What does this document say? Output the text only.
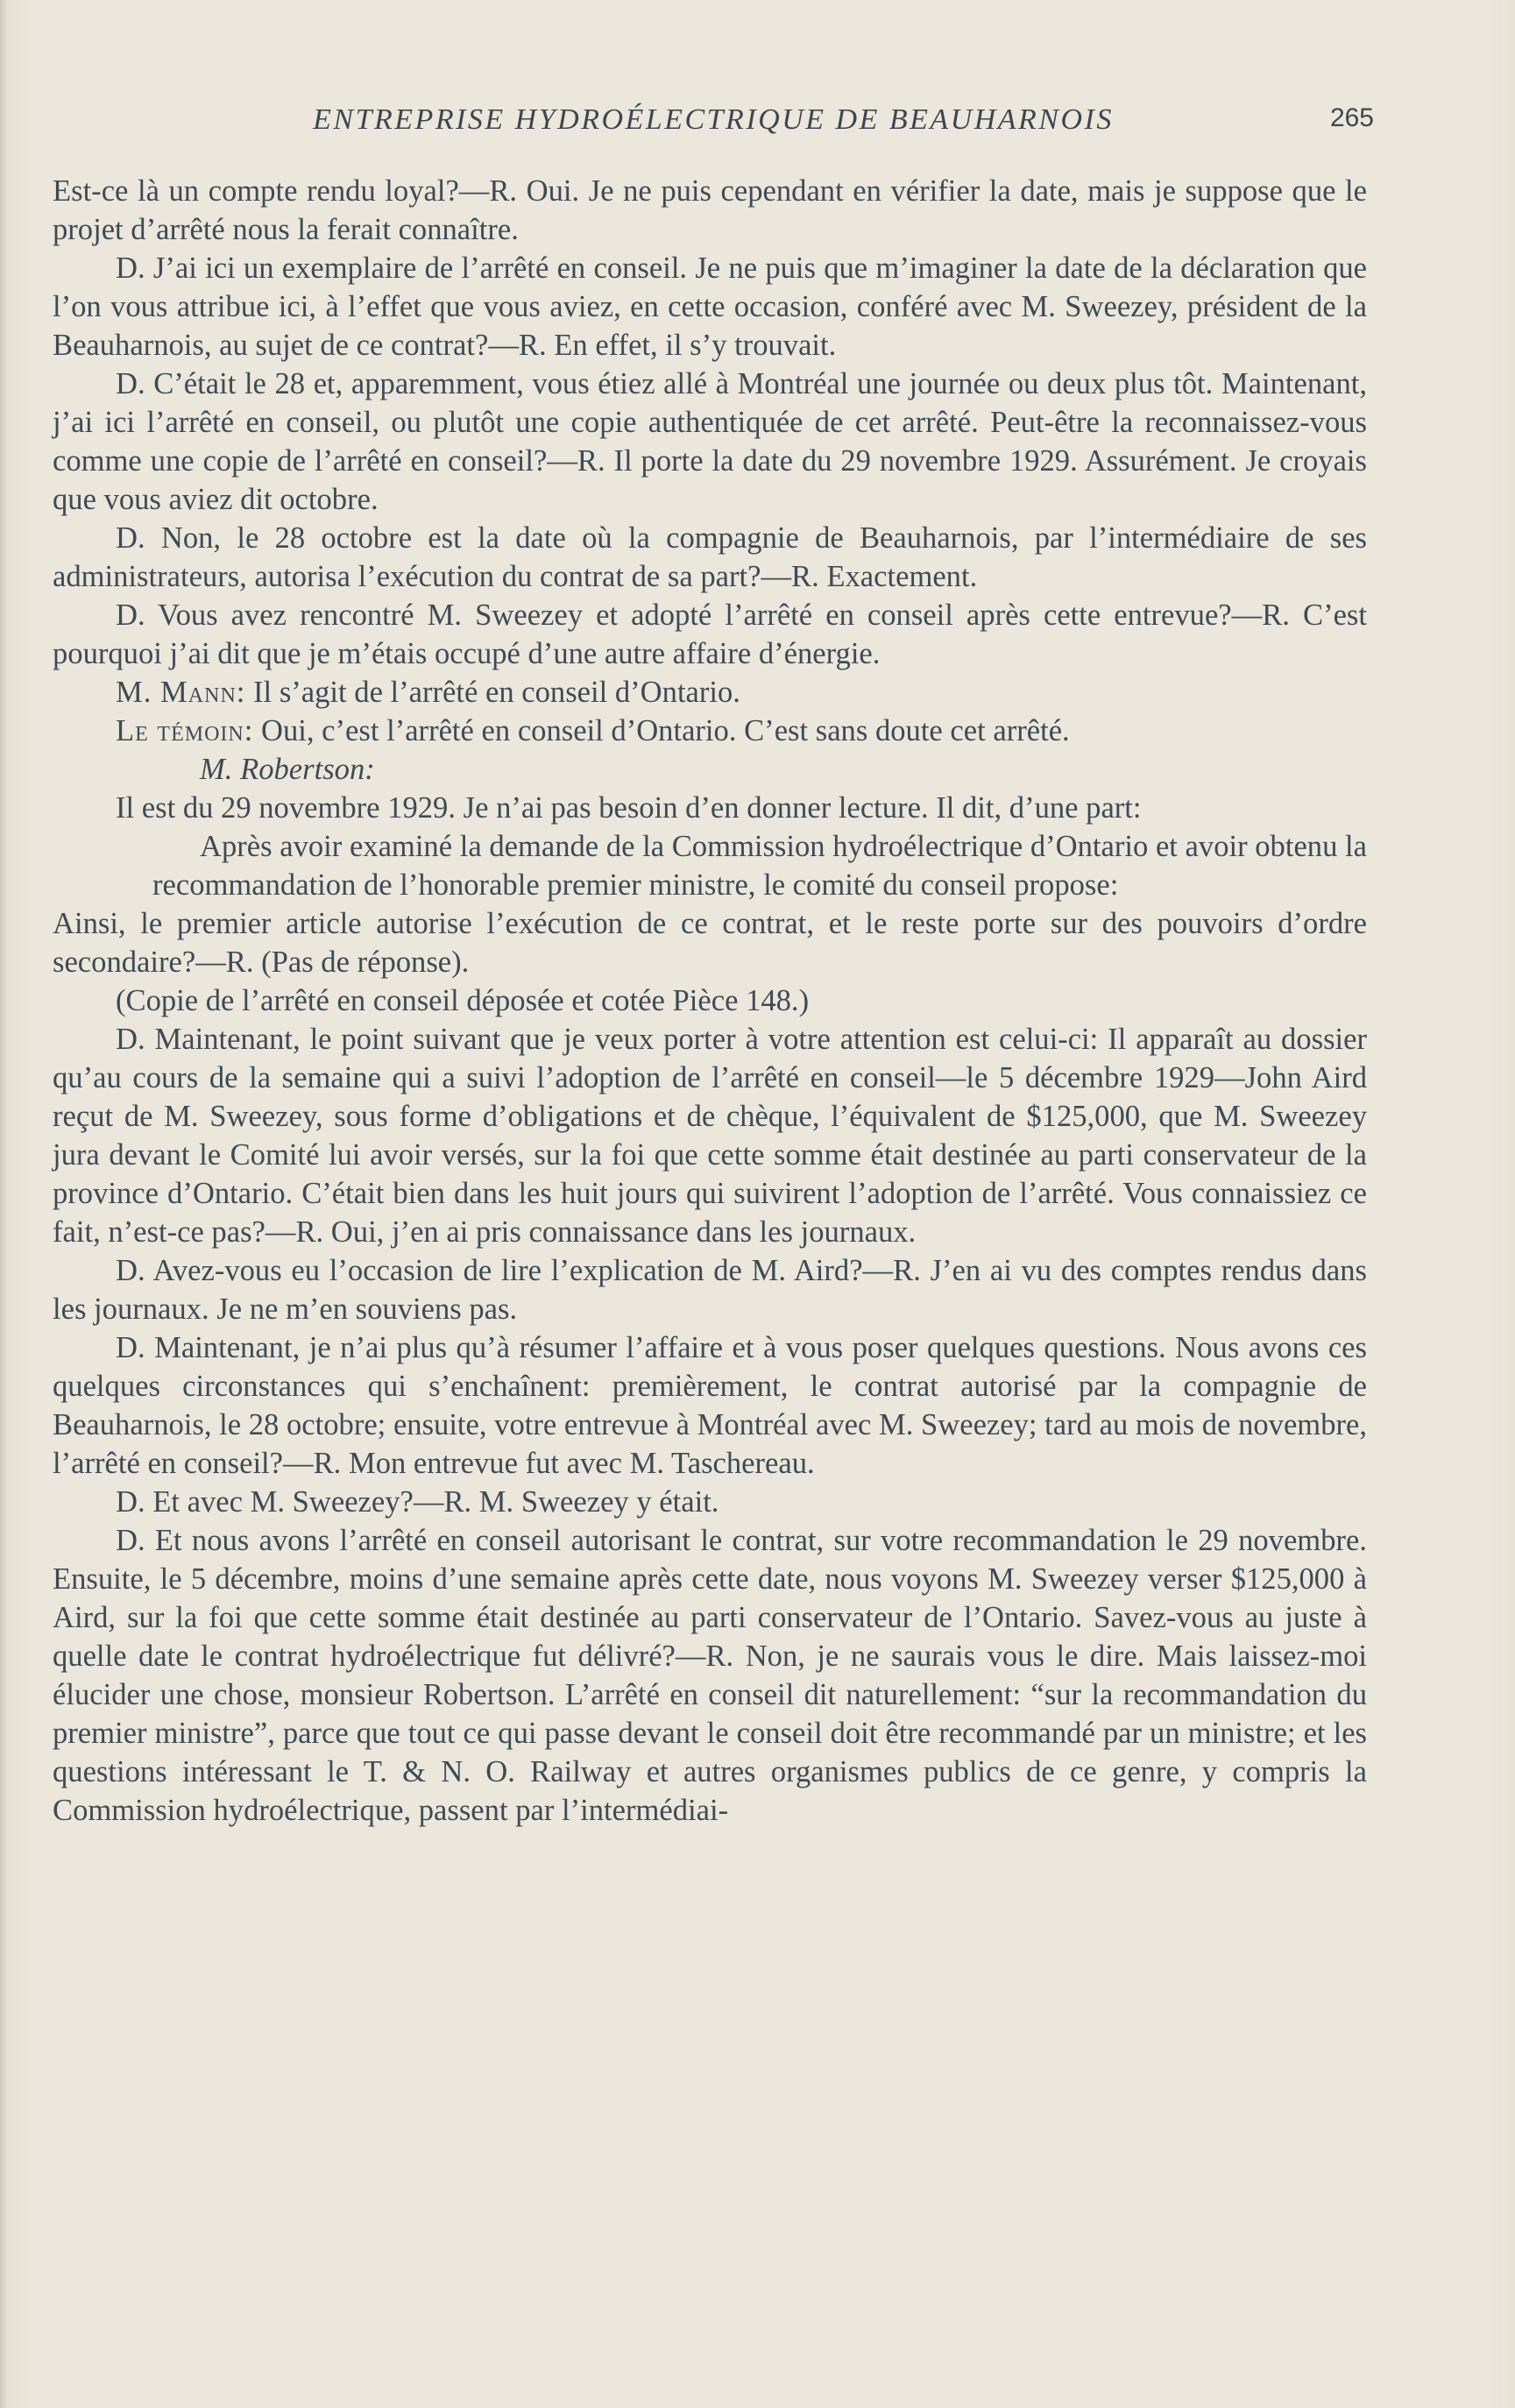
ENTREPRISE HYDROÉLECTRIQUE DE BEAUHARNOIS	265

Est-ce là un compte rendu loyal?—R. Oui. Je ne puis cependant en vérifier la date, mais je suppose que le projet d’arrêté nous la ferait connaître.

D. J’ai ici un exemplaire de l’arrêté en conseil. Je ne puis que m’imaginer la date de la déclaration que l’on vous attribue ici, à l’effet que vous aviez, en cette occasion, conféré avec M. Sweezey, président de la Beauharnois, au sujet de ce contrat?—R. En effet, il s’y trouvait.

D. C’était le 28 et, apparemment, vous étiez allé à Montréal une journée ou deux plus tôt. Maintenant, j’ai ici l’arrêté en conseil, ou plutôt une copie authentiquée de cet arrêté. Peut-être la reconnaissez-vous comme une copie de l’arrêté en conseil?—R. Il porte la date du 29 novembre 1929. Assurément. Je croyais que vous aviez dit octobre.

D. Non, le 28 octobre est la date où la compagnie de Beauharnois, par l’intermédiaire de ses administrateurs, autorisa l’exécution du contrat de sa part?—R. Exactement.

D. Vous avez rencontré M. Sweezey et adopté l’arrêté en conseil après cette entrevue?—R. C’est pourquoi j’ai dit que je m’étais occupé d’une autre affaire d’énergie.

M. Mann: Il s’agit de l’arrêté en conseil d’Ontario.

Le témoin: Oui, c’est l’arrêté en conseil d’Ontario. C’est sans doute cet arrêté.

M. Robertson:

Il est du 29 novembre 1929. Je n’ai pas besoin d’en donner lecture. Il dit, d’une part:

Après avoir examiné la demande de la Commission hydroélectrique d’Ontario et avoir obtenu la recommandation de l’honorable premier ministre, le comité du conseil propose:

Ainsi, le premier article autorise l’exécution de ce contrat, et le reste porte sur des pouvoirs d’ordre secondaire?—R. (Pas de réponse).

(Copie de l’arrêté en conseil déposée et cotée Pièce 148.)

D. Maintenant, le point suivant que je veux porter à votre attention est celui-ci: Il apparaît au dossier qu’au cours de la semaine qui a suivi l’adoption de l’arrêté en conseil—le 5 décembre 1929—John Aird reçut de M. Sweezey, sous forme d’obligations et de chèque, l’équivalent de $125,000, que M. Sweezey jura devant le Comité lui avoir versés, sur la foi que cette somme était destinée au parti conservateur de la province d’Ontario. C’était bien dans les huit jours qui suivirent l’adoption de l’arrêté. Vous connaissiez ce fait, n’est-ce pas?—R. Oui, j’en ai pris connaissance dans les journaux.

D. Avez-vous eu l’occasion de lire l’explication de M. Aird?—R. J’en ai vu des comptes rendus dans les journaux. Je ne m’en souviens pas.

D. Maintenant, je n’ai plus qu’à résumer l’affaire et à vous poser quelques questions. Nous avons ces quelques circonstances qui s’enchaînent: premièrement, le contrat autorisé par la compagnie de Beauharnois, le 28 octobre; ensuite, votre entrevue à Montréal avec M. Sweezey; tard au mois de novembre, l’arrêté en conseil?—R. Mon entrevue fut avec M. Taschereau.

D. Et avec M. Sweezey?—R. M. Sweezey y était.

D. Et nous avons l’arrêté en conseil autorisant le contrat, sur votre recommandation le 29 novembre. Ensuite, le 5 décembre, moins d’une semaine après cette date, nous voyons M. Sweezey verser $125,000 à Aird, sur la foi que cette somme était destinée au parti conservateur de l’Ontario. Savez-vous au juste à quelle date le contrat hydroélectrique fut délivré?—R. Non, je ne saurais vous le dire. Mais laissez-moi élucider une chose, monsieur Robertson. L’arrêté en conseil dit naturellement: “sur la recommandation du premier ministre”, parce que tout ce qui passe devant le conseil doit être recommandé par un ministre; et les questions intéressant le T. & N. O. Railway et autres organismes publics de ce genre, y compris la Commission hydroélectrique, passent par l’intermédiai-
